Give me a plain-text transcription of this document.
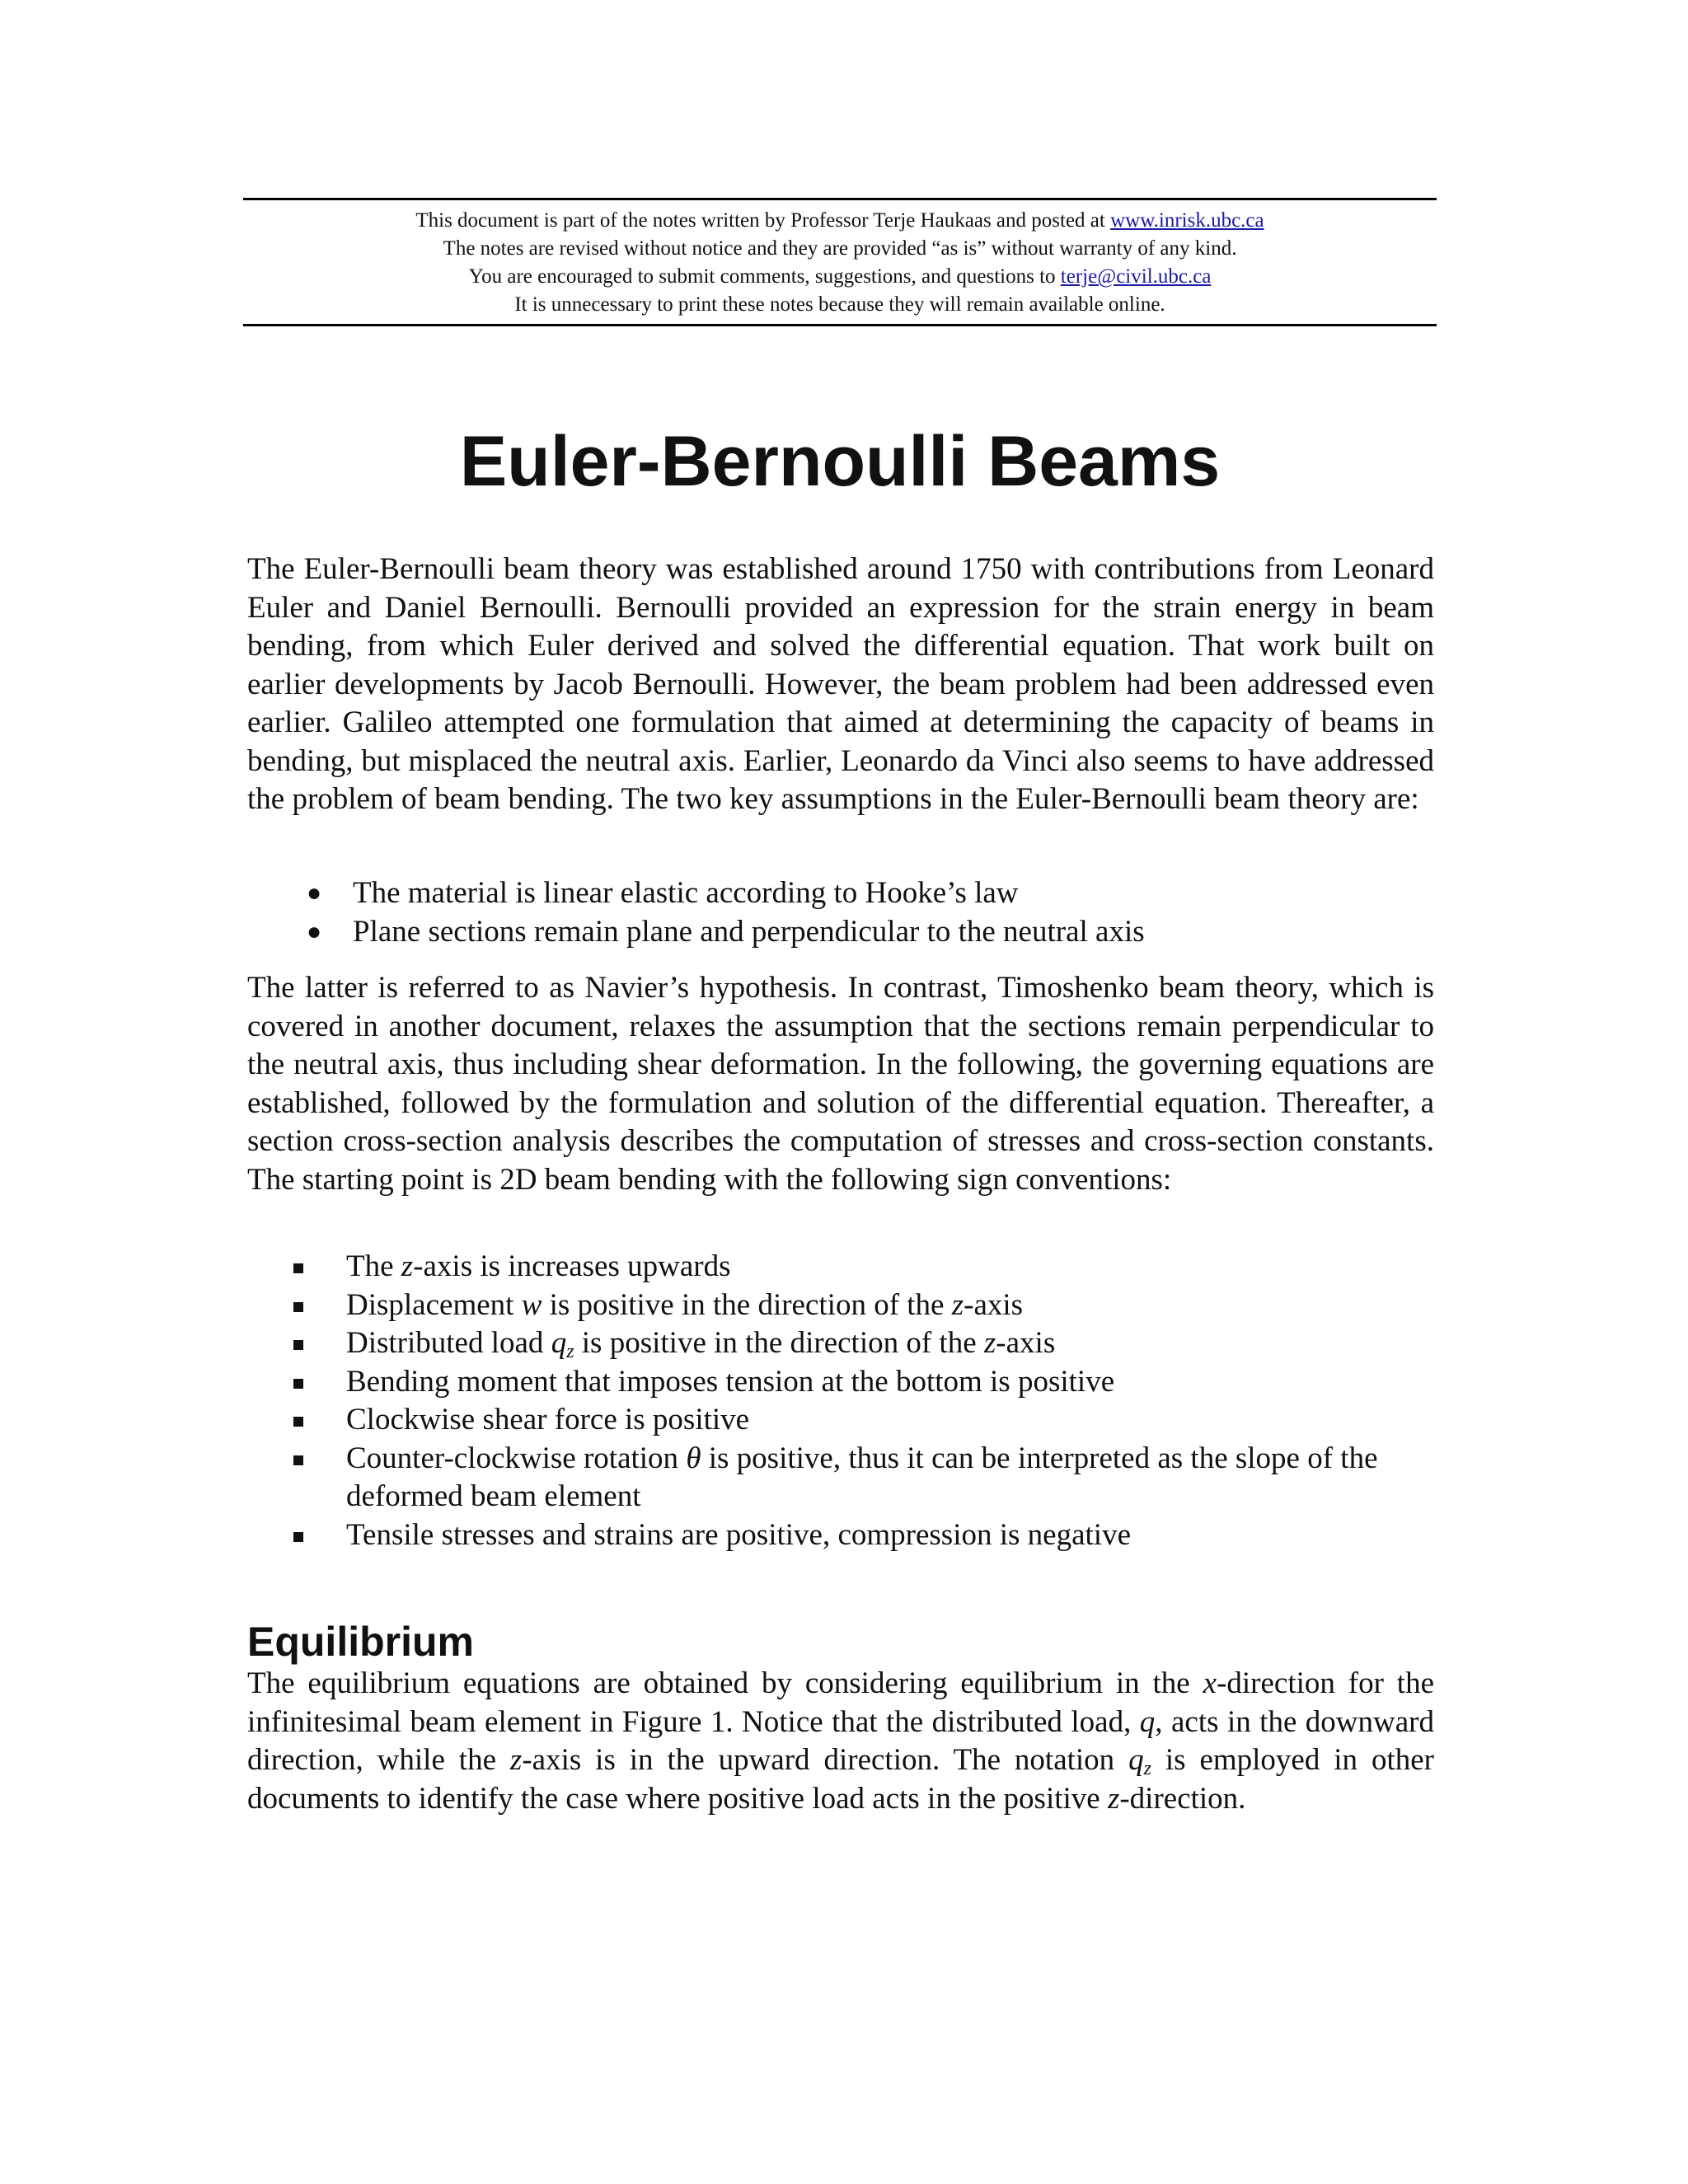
This document is part of the notes written by Professor Terje Haukaas and posted at www.inrisk.ubc.ca
The notes are revised without notice and they are provided “as is” without warranty of any kind.
You are encouraged to submit comments, suggestions, and questions to terje@civil.ubc.ca
It is unnecessary to print these notes because they will remain available online.
Euler-Bernoulli Beams

The Euler-Bernoulli beam theory was established around 1750 with contributions from Leonard Euler and Daniel Bernoulli. Bernoulli provided an expression for the strain energy in beam bending, from which Euler derived and solved the differential equation. That work built on earlier developments by Jacob Bernoulli. However, the beam problem had been addressed even earlier. Galileo attempted one formulation that aimed at determining the capacity of beams in bending, but misplaced the neutral axis. Earlier, Leonardo da Vinci also seems to have addressed the problem of beam bending. The two key assumptions in the Euler-Bernoulli beam theory are:

● The material is linear elastic according to Hooke’s law
● Plane sections remain plane and perpendicular to the neutral axis

The latter is referred to as Navier’s hypothesis. In contrast, Timoshenko beam theory, which is covered in another document, relaxes the assumption that the sections remain perpendicular to the neutral axis, thus including shear deformation. In the following, the governing equations are established, followed by the formulation and solution of the differential equation. Thereafter, a section cross-section analysis describes the computation of stresses and cross-section constants. The starting point is 2D beam bending with the following sign conventions:

The z-axis is increases upwards
Displacement w is positive in the direction of the z-axis
Distributed load $q_z$ is positive in the direction of the z-axis
Bending moment that imposes tension at the bottom is positive
Clockwise shear force is positive
Counter-clockwise rotation θ is positive, thus it can be interpreted as the slope of the deformed beam element
Tensile stresses and strains are positive, compression is negative
Equilibrium

The equilibrium equations are obtained by considering equilibrium in the x-direction for the infinitesimal beam element in Figure 1. Notice that the distributed load, q, acts in the downward direction, while the z-axis is in the upward direction. The notation $q_z$ is employed in other documents to identify the case where positive load acts in the positive z-direction.
